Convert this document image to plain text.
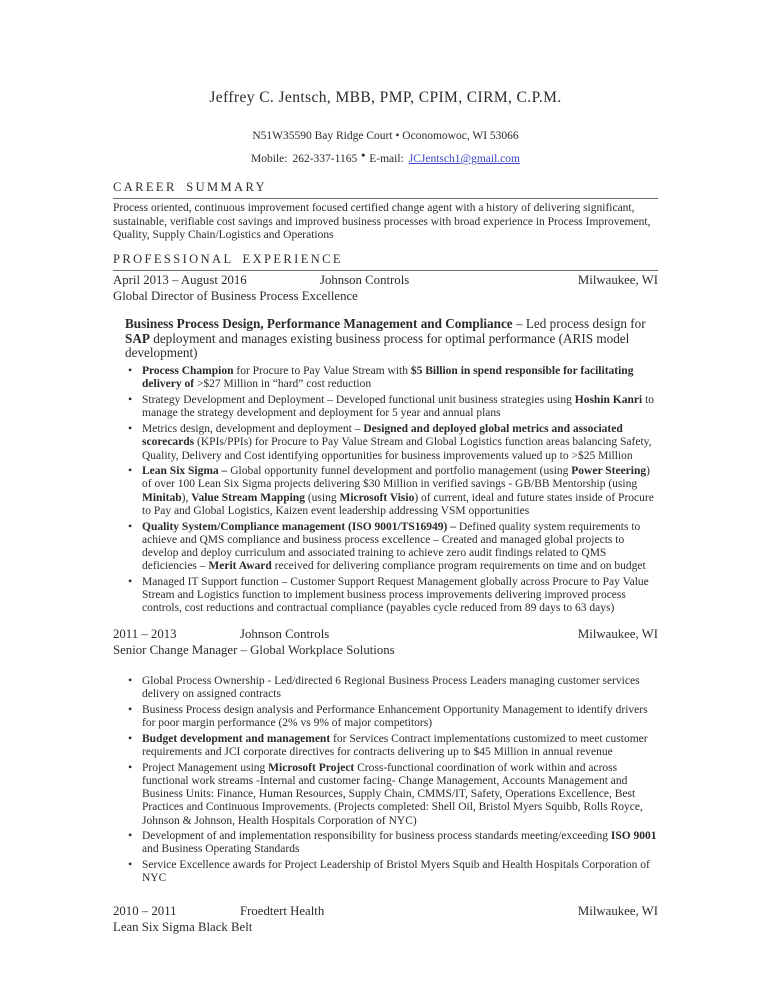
Jeffrey C. Jentsch, MBB, PMP, CPIM, CIRM, C.P.M.

N51W35590 Bay Ridge Court • Oconomowoc, WI 53066

Mobile: 262-337-1165 • E-mail: JCJentsch1@gmail.com

CAREER SUMMARY

Process oriented, continuous improvement focused certified change agent with a history of delivering significant, sustainable, verifiable cost savings and improved business processes with broad experience in Process Improvement, Quality, Supply Chain/Logistics and Operations

PROFESSIONAL EXPERIENCE
April 2013 – August 2016	Johnson Controls	Milwaukee, WI
Global Director of Business Process Excellence

Business Process Design, Performance Management and Compliance – Led process design for SAP deployment and manages existing business process for optimal performance (ARIS model development)

• Process Champion for Procure to Pay Value Stream with $5 Billion in spend responsible for facilitating delivery of >$27 Million in “hard” cost reduction
• Strategy Development and Deployment – Developed functional unit business strategies using Hoshin Kanri to manage the strategy development and deployment for 5 year and annual plans
• Metrics design, development and deployment – Designed and deployed global metrics and associated scorecards (KPIs/PPIs) for Procure to Pay Value Stream and Global Logistics function areas balancing Safety, Quality, Delivery and Cost identifying opportunities for business improvements valued up to >$25 Million
• Lean Six Sigma – Global opportunity funnel development and portfolio management (using Power Steering) of over 100 Lean Six Sigma projects delivering $30 Million in verified savings - GB/BB Mentorship (using Minitab), Value Stream Mapping (using Microsoft Visio) of current, ideal and future states inside of Procure to Pay and Global Logistics, Kaizen event leadership addressing VSM opportunities
• Quality System/Compliance management (ISO 9001/TS16949) – Defined quality system requirements to achieve and QMS compliance and business process excellence – Created and managed global projects to develop and deploy curriculum and associated training to achieve zero audit findings related to QMS deficiencies – Merit Award received for delivering compliance program requirements on time and on budget
• Managed IT Support function – Customer Support Request Management globally across Procure to Pay Value Stream and Logistics function to implement business process improvements delivering improved process controls, cost reductions and contractual compliance (payables cycle reduced from 89 days to 63 days)
2011 – 2013	Johnson Controls	Milwaukee, WI
Senior Change Manager – Global Workplace Solutions
• Global Process Ownership - Led/directed 6 Regional Business Process Leaders managing customer services delivery on assigned contracts
• Business Process design analysis and Performance Enhancement Opportunity Management to identify drivers for poor margin performance (2% vs 9% of major competitors)
• Budget development and management for Services Contract implementations customized to meet customer requirements and JCI corporate directives for contracts delivering up to $45 Million in annual revenue
• Project Management using Microsoft Project Cross-functional coordination of work within and across functional work streams -Internal and customer facing- Change Management, Accounts Management and Business Units: Finance, Human Resources, Supply Chain, CMMS/IT, Safety, Operations Excellence, Best Practices and Continuous Improvements. (Projects completed: Shell Oil, Bristol Myers Squibb, Rolls Royce, Johnson & Johnson, Health Hospitals Corporation of NYC)
• Development of and implementation responsibility for business process standards meeting/exceeding ISO 9001 and Business Operating Standards
• Service Excellence awards for Project Leadership of Bristol Myers Squib and Health Hospitals Corporation of NYC
2010 – 2011	Froedtert Health	Milwaukee, WI
Lean Six Sigma Black Belt
